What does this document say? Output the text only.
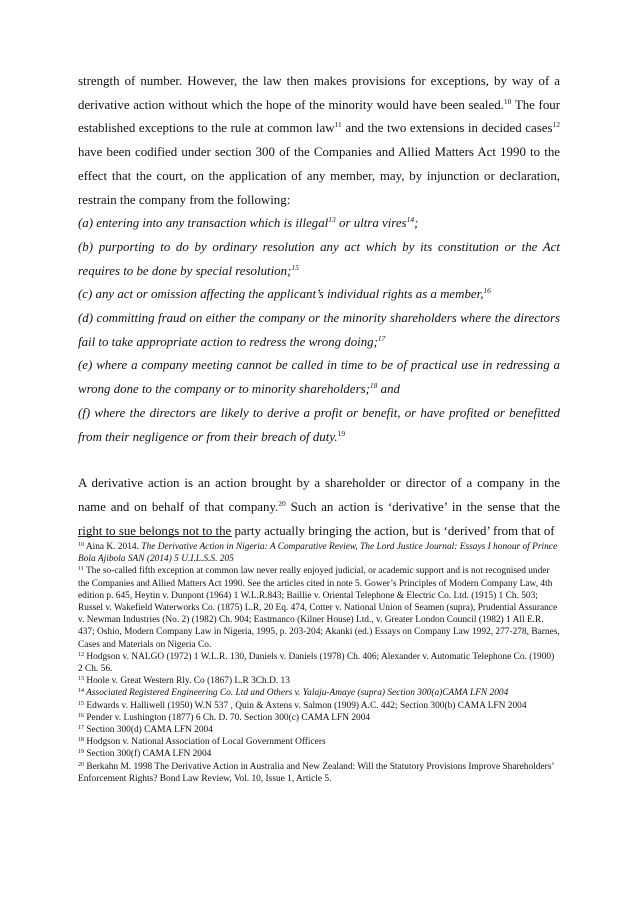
strength of number. However, the law then makes provisions for exceptions, by way of a derivative action without which the hope of the minority would have been sealed.$^{10}$ The four established exceptions to the rule at common law$^{11}$ and the two extensions in decided cases$^{12}$ have been codified under section 300 of the Companies and Allied Matters Act 1990 to the effect that the court, on the application of any member, may, by injunction or declaration, restrain the company from the following:

(a) entering into any transaction which is illegal$^{13}$ or ultra vires$^{14}$;

(b) purporting to do by ordinary resolution any act which by its constitution or the Act requires to be done by special resolution;$^{15}$

(c) any act or omission affecting the applicant’s individual rights as a member,$^{16}$

(d) committing fraud on either the company or the minority shareholders where the directors fail to take appropriate action to redress the wrong doing;$^{17}$

(e) where a company meeting cannot be called in time to be of practical use in redressing a wrong done to the company or to minority shareholders;$^{18}$ and

(f) where the directors are likely to derive a profit or benefit, or have profited or benefitted from their negligence or from their breach of duty.$^{19}$

A derivative action is an action brought by a shareholder or director of a company in the name and on behalf of that company.$^{20}$ Such an action is ‘derivative’ in the sense that the right to sue belongs not to the party actually bringing the action, but is ‘derived’ from that of

$^{10}$ Aina K. 2014. The Derivative Action in Nigeria: A Comparative Review, The Lord Justice Journal: Essays I honour of Prince Bola Ajibola SAN (2014) 5 U.I.L.S.S. 205

$^{11}$ The so-called fifth exception at common law never really enjoyed judicial, or academic support and is not recognised under the Companies and Allied Matters Act 1990. See the articles cited in note 5. Gower’s Principles of Modern Company Law, 4th edition p. 645, Heytin v. Dunpont (1964) 1 W.L.R.843; Baillie v. Oriental Telephone & Electric Co. Ltd. (1915) 1 Ch. 503; Russel v. Wakefield Waterworks Co. (1875) L.R, 20 Eq. 474, Cotter v. National Union of Seamen (supra), Prudential Assurance v. Newman Industries (No. 2) (1982) Ch. 904; Eastmanco (Kilner House) Ltd., v. Greater London Council (1982) 1 All E.R. 437; Oshio, Modern Company Law in Nigeria, 1995, p. 203-204; Akanki (ed.) Essays on Company Law 1992, 277-278, Barnes, Cases and Materials on Nigeria Co.

$^{12}$ Hodgson v. NALGO (1972) 1 W.L.R. 130, Daniels v. Daniels (1978) Ch. 406; Alexander v. Automatic Telephone Co. (1900) 2 Ch. 56.

$^{13}$ Hoole v. Great Western Rly. Co (1867) L.R 3Ch.D. 13

$^{14}$ Associated Registered Engineering Co. Ltd and Others v. Yalaju-Amaye (supra) Section 300(a)CAMA LFN 2004

$^{15}$ Edwards v. Halliwell (1950) W.N 537 , Quin & Axtens v. Salmon (1909) A.C. 442; Section 300(b) CAMA LFN 2004

$^{16}$ Pender v. Lushington (1877) 6 Ch. D. 70. Section 300(c) CAMA LFN 2004

$^{17}$ Section 300(d) CAMA LFN 2004

$^{18}$ Hodgson v. National Association of Local Government Officers

$^{19}$ Section 300(f) CAMA LFN 2004

$^{20}$ Berkahn M. 1998 The Derivative Action in Australia and New Zealand: Will the Statutory Provisions Improve Shareholders’ Enforcement Rights? Bond Law Review, Vol. 10, Issue 1, Article 5.
